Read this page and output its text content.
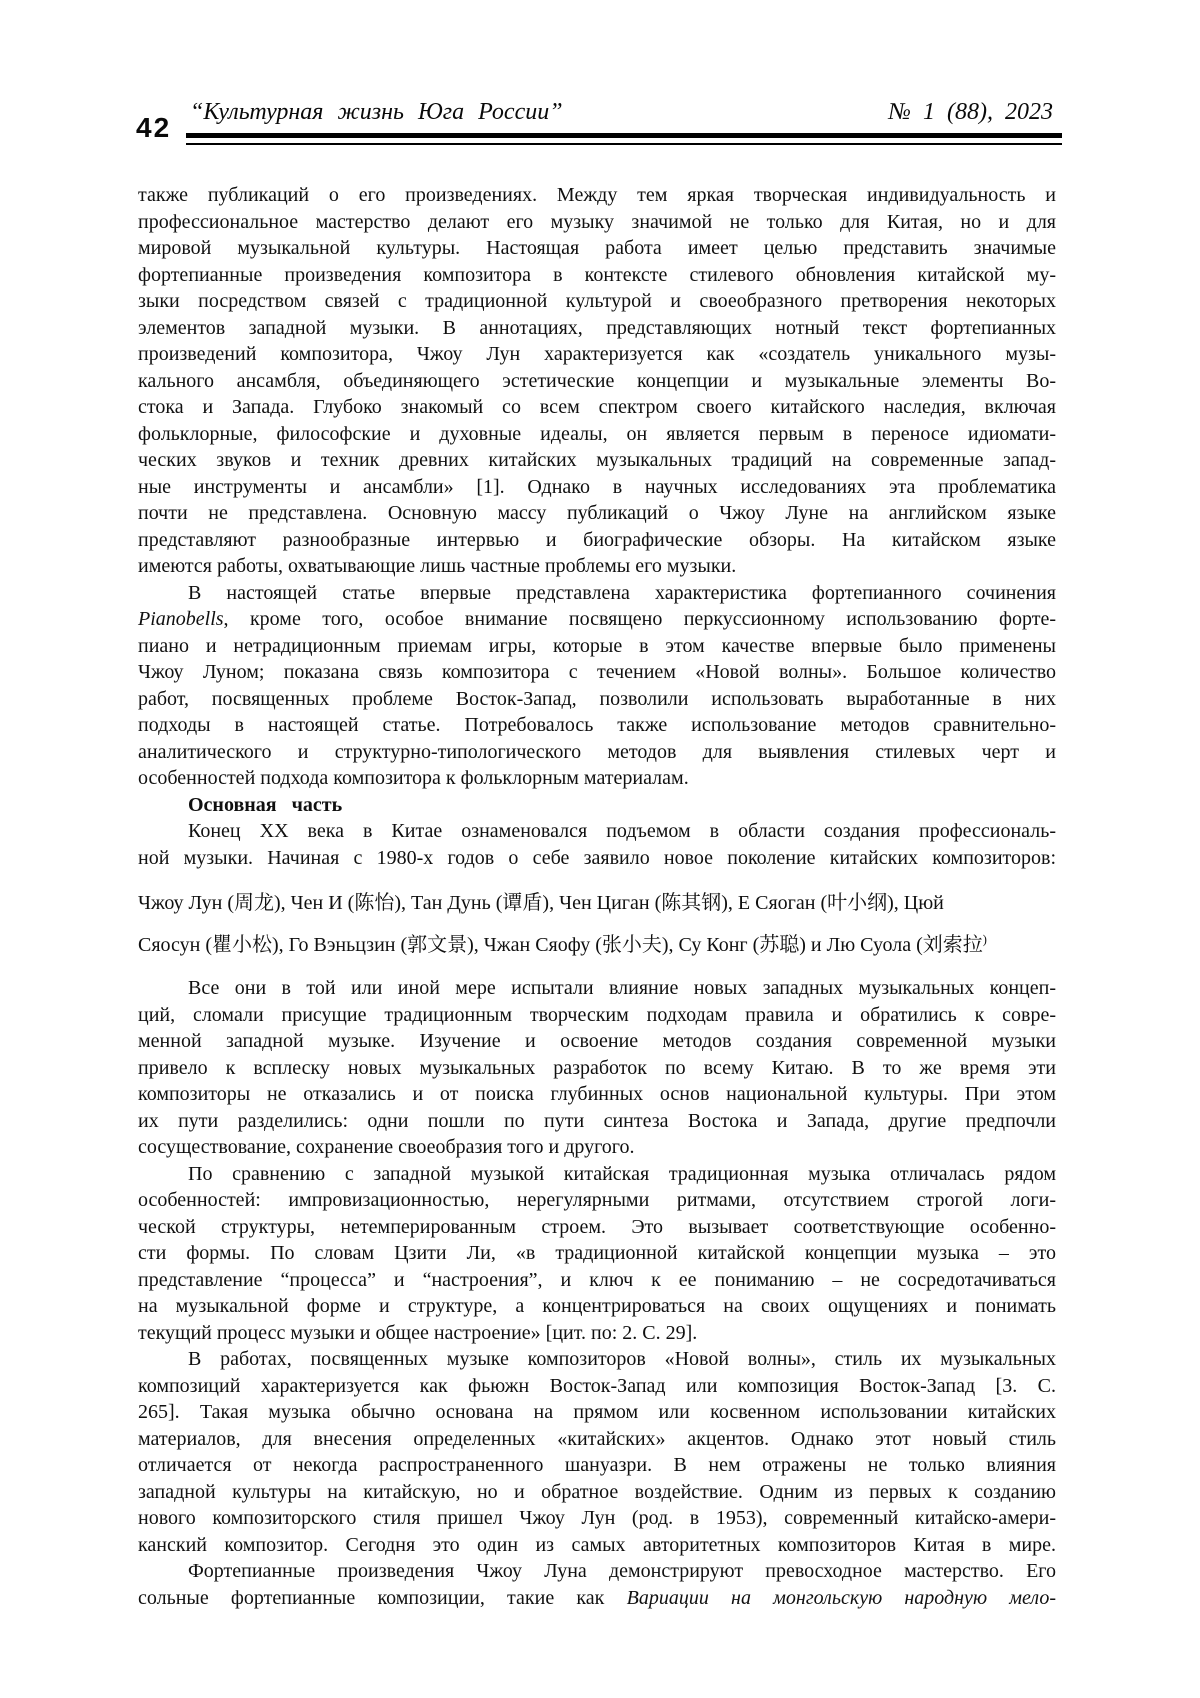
42 “Культурная жизнь Юга России”	№ 1 (88), 2023
также публикаций о его произведениях. Между тем яркая творческая индивидуальность и
профессиональное мастерство делают его музыку значимой не только для Китая, но и для
мировой музыкальной культуры. Настоящая работа имеет целью представить значимые
фортепианные произведения композитора в контексте стилевого обновления китайской му-
зыки посредством связей с традиционной культурой и своеобразного претворения некоторых
элементов западной музыки. В аннотациях, представляющих нотный текст фортепианных
произведений композитора, Чжоу Лун характеризуется как «создатель уникального музы-
кального ансамбля, объединяющего эстетические концепции и музыкальные элементы Во-
стока и Запада. Глубоко знакомый со всем спектром своего китайского наследия, включая
фольклорные, философские и духовные идеалы, он является первым в переносе идиомати-
ческих звуков и техник древних китайских музыкальных традиций на современные запад-
ные инструменты и ансамбли» [1]. Однако в научных исследованиях эта проблематика
почти не представлена. Основную массу публикаций о Чжоу Луне на английском языке
представляют разнообразные интервью и биографические обзоры. На китайском языке
имеются работы, охватывающие лишь частные проблемы его музыки.
В настоящей статье впервые представлена характеристика фортепианного сочинения
Pianobells, кроме того, особое внимание посвящено перкуссионному использованию форте-
пиано и нетрадиционным приемам игры, которые в этом качестве впервые было применены
Чжоу Луном; показана связь композитора с течением «Новой волны». Большое количество
работ, посвященных проблеме Восток-Запад, позволили использовать выработанные в них
подходы в настоящей статье. Потребовалось также использование методов сравнительно-
аналитического и структурно-типологического методов для выявления стилевых черт и
особенностей подхода композитора к фольклорным материалам.
Основная часть
Конец XX века в Китае ознаменовался подъемом в области создания профессиональ-
ной музыки. Начиная с 1980-х годов о себе заявило новое поколение китайских композиторов:
Чжоу Лун (周龙), Чен И (陈怡), Тан Дунь (谭盾), Чен Циган (陈其钢), Е Сяоган (叶小纲), Цюй
Сяосун (瞿小松), Го Вэньцзин (郭文景), Чжан Сяофу (张小夫), Су Конг (苏聪) и Лю Суола (刘索拉)
Все они в той или иной мере испытали влияние новых западных музыкальных концеп-
ций, сломали присущие традиционным творческим подходам правила и обратились к совре-
менной западной музыке. Изучение и освоение методов создания современной музыки
привело к всплеску новых музыкальных разработок по всему Китаю. В то же время эти
композиторы не отказались и от поиска глубинных основ национальной культуры. При этом
их пути разделились: одни пошли по пути синтеза Востока и Запада, другие предпочли
сосуществование, сохранение своеобразия того и другого.
По сравнению с западной музыкой китайская традиционная музыка отличалась рядом
особенностей: импровизационностью, нерегулярными ритмами, отсутствием строгой логи-
ческой структуры, нетемперированным строем. Это вызывает соответствующие особенно-
сти формы. По словам Цзити Ли, «в традиционной китайской концепции музыка – это
представление “процесса” и “настроения”, и ключ к ее пониманию – не сосредотачиваться
на музыкальной форме и структуре, а концентрироваться на своих ощущениях и понимать
текущий процесс музыки и общее настроение» [цит. по: 2. С. 29].
В работах, посвященных музыке композиторов «Новой волны», стиль их музыкальных
композиций характеризуется как фьюжн Восток-Запад или композиция Восток-Запад [3. С.
265]. Такая музыка обычно основана на прямом или косвенном использовании китайских
материалов, для внесения определенных «китайских» акцентов. Однако этот новый стиль
отличается от некогда распространенного шануазри. В нем отражены не только влияния
западной культуры на китайскую, но и обратное воздействие. Одним из первых к созданию
нового композиторского стиля пришел Чжоу Лун (род. в 1953), современный китайско-амери-
канский композитор. Сегодня это один из самых авторитетных композиторов Китая в мире.
Фортепианные произведения Чжоу Луна демонстрируют превосходное мастерство. Его
сольные фортепианные композиции, такие как Вариации на монгольскую народную мело-
